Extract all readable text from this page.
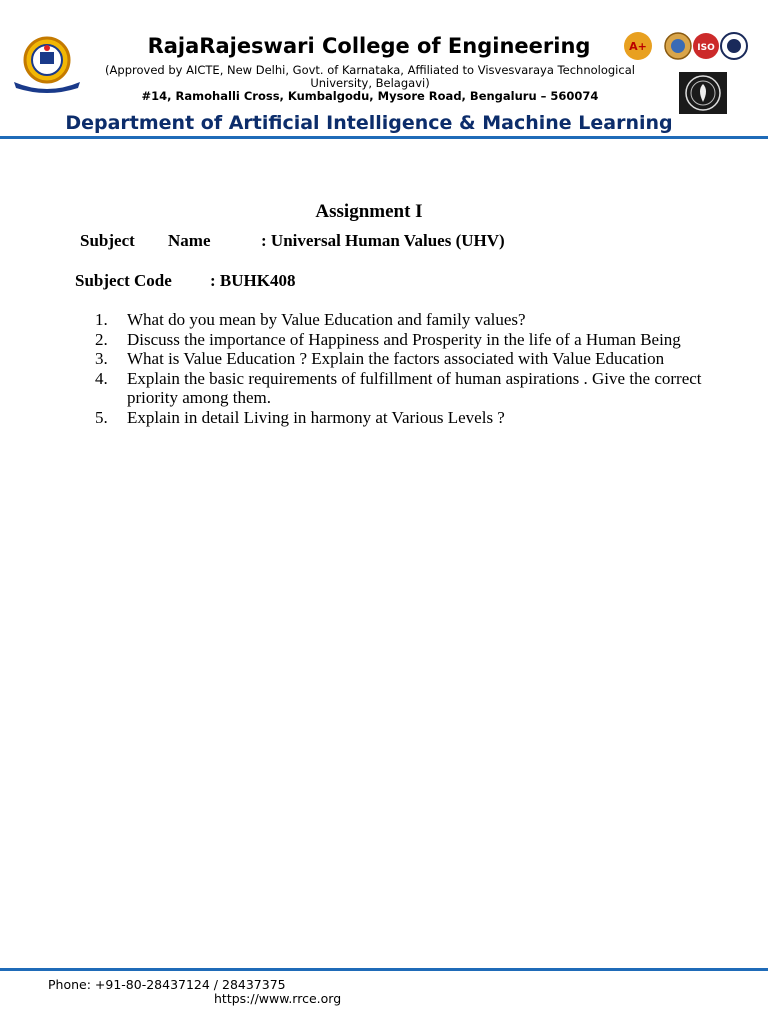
RajaRajeswari College of Engineering
(Approved by AICTE, New Delhi, Govt. of Karnataka, Affiliated to Visvesvaraya Technological University, Belagavi)
#14, Ramohalli Cross, Kumbalgodu, Mysore Road, Bengaluru – 560074
A+	ISO
Department of Artificial Intelligence & Machine Learning
Assignment I
Subject Name	: Universal Human Values (UHV)
Subject Code : BUHK408
1.	What do you mean by Value Education and family values?
2.	Discuss the importance of Happiness and Prosperity in the life of a Human Being
3.	What is Value Education ? Explain the factors associated with Value Education
4.	Explain the basic requirements of fulfillment of human aspirations . Give the correct priority among them.
5.	Explain in detail Living in harmony at Various Levels ?
Phone: +91-80-28437124 / 28437375
https://www.rrce.org
